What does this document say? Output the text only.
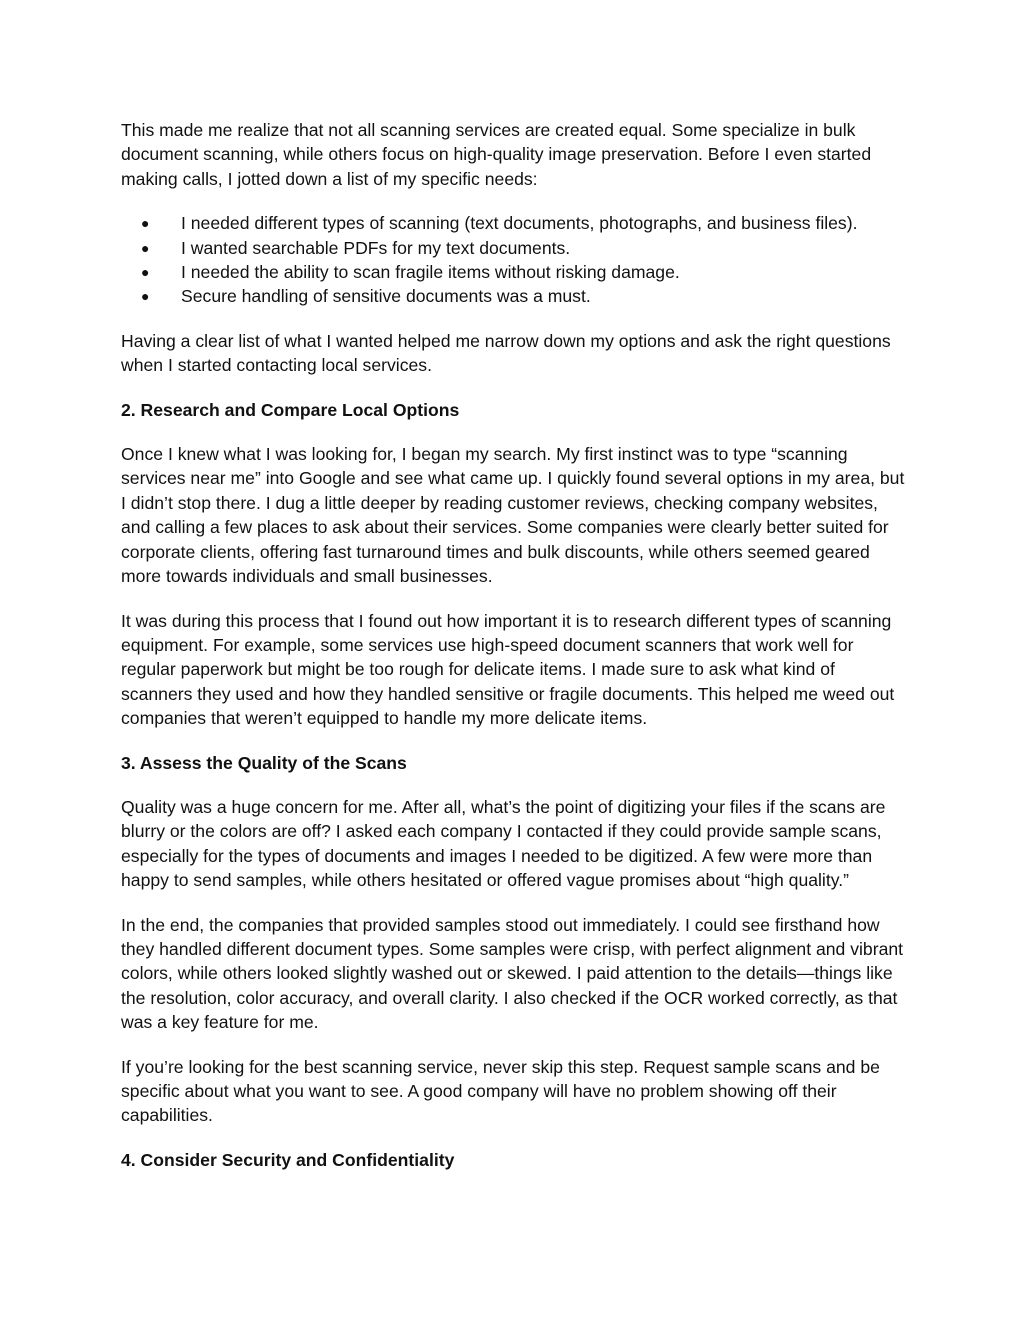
This made me realize that not all scanning services are created equal. Some specialize in bulk document scanning, while others focus on high-quality image preservation. Before I even started making calls, I jotted down a list of my specific needs:

● I needed different types of scanning (text documents, photographs, and business files).
● I wanted searchable PDFs for my text documents.
● I needed the ability to scan fragile items without risking damage.
● Secure handling of sensitive documents was a must.

Having a clear list of what I wanted helped me narrow down my options and ask the right questions when I started contacting local services.

2. Research and Compare Local Options

Once I knew what I was looking for, I began my search. My first instinct was to type “scanning services near me” into Google and see what came up. I quickly found several options in my area, but I didn’t stop there. I dug a little deeper by reading customer reviews, checking company websites, and calling a few places to ask about their services. Some companies were clearly better suited for corporate clients, offering fast turnaround times and bulk discounts, while others seemed geared more towards individuals and small businesses.

It was during this process that I found out how important it is to research different types of scanning equipment. For example, some services use high-speed document scanners that work well for regular paperwork but might be too rough for delicate items. I made sure to ask what kind of scanners they used and how they handled sensitive or fragile documents. This helped me weed out companies that weren’t equipped to handle my more delicate items.

3. Assess the Quality of the Scans

Quality was a huge concern for me. After all, what’s the point of digitizing your files if the scans are blurry or the colors are off? I asked each company I contacted if they could provide sample scans, especially for the types of documents and images I needed to be digitized. A few were more than happy to send samples, while others hesitated or offered vague promises about “high quality.”

In the end, the companies that provided samples stood out immediately. I could see firsthand how they handled different document types. Some samples were crisp, with perfect alignment and vibrant colors, while others looked slightly washed out or skewed. I paid attention to the details—things like the resolution, color accuracy, and overall clarity. I also checked if the OCR worked correctly, as that was a key feature for me.

If you’re looking for the best scanning service, never skip this step. Request sample scans and be specific about what you want to see. A good company will have no problem showing off their capabilities.

4. Consider Security and Confidentiality
